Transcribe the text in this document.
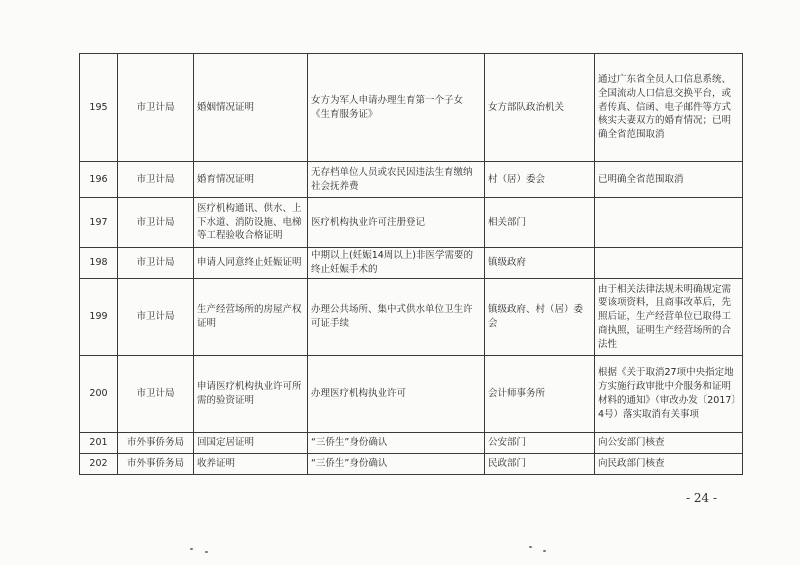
195	市卫计局	婚姻情况证明	女方为军人申请办理生育第一个子女《生育服务证》	女方部队政治机关	通过广东省全员人口信息系统、全国流动人口信息交换平台，或者传真、信函、电子邮件等方式核实夫妻双方的婚育情况；已明确全省范围取消
196	市卫计局	婚育情况证明	无存档单位人员或农民因违法生育缴纳社会抚养费	村（居）委会	已明确全省范围取消
197	市卫计局	医疗机构通讯、供水、上下水道、消防设施、电梯等工程验收合格证明	医疗机构执业许可注册登记	相关部门	
198	市卫计局	申请人同意终止妊娠证明	中期以上(妊娠14周以上)非医学需要的终止妊娠手术的	镇级政府	
199	市卫计局	生产经营场所的房屋产权证明	办理公共场所、集中式供水单位卫生许可证手续	镇级政府、村（居）委会	由于相关法律法规未明确规定需要该项资料，且商事改革后，先照后证，生产经营单位已取得工商执照，证明生产经营场所的合法性
200	市卫计局	申请医疗机构执业许可所需的验资证明	办理医疗机构执业许可	会计师事务所	根据《关于取消27项中央指定地方实施行政审批中介服务和证明材料的通知》（审改办发〔2017〕4号）落实取消有关事项
201	市外事侨务局	回国定居证明	“三侨生”身份确认	公安部门	向公安部门核查
202	市外事侨务局	收养证明	“三侨生”身份确认	民政部门	向民政部门核查
- 24 -
